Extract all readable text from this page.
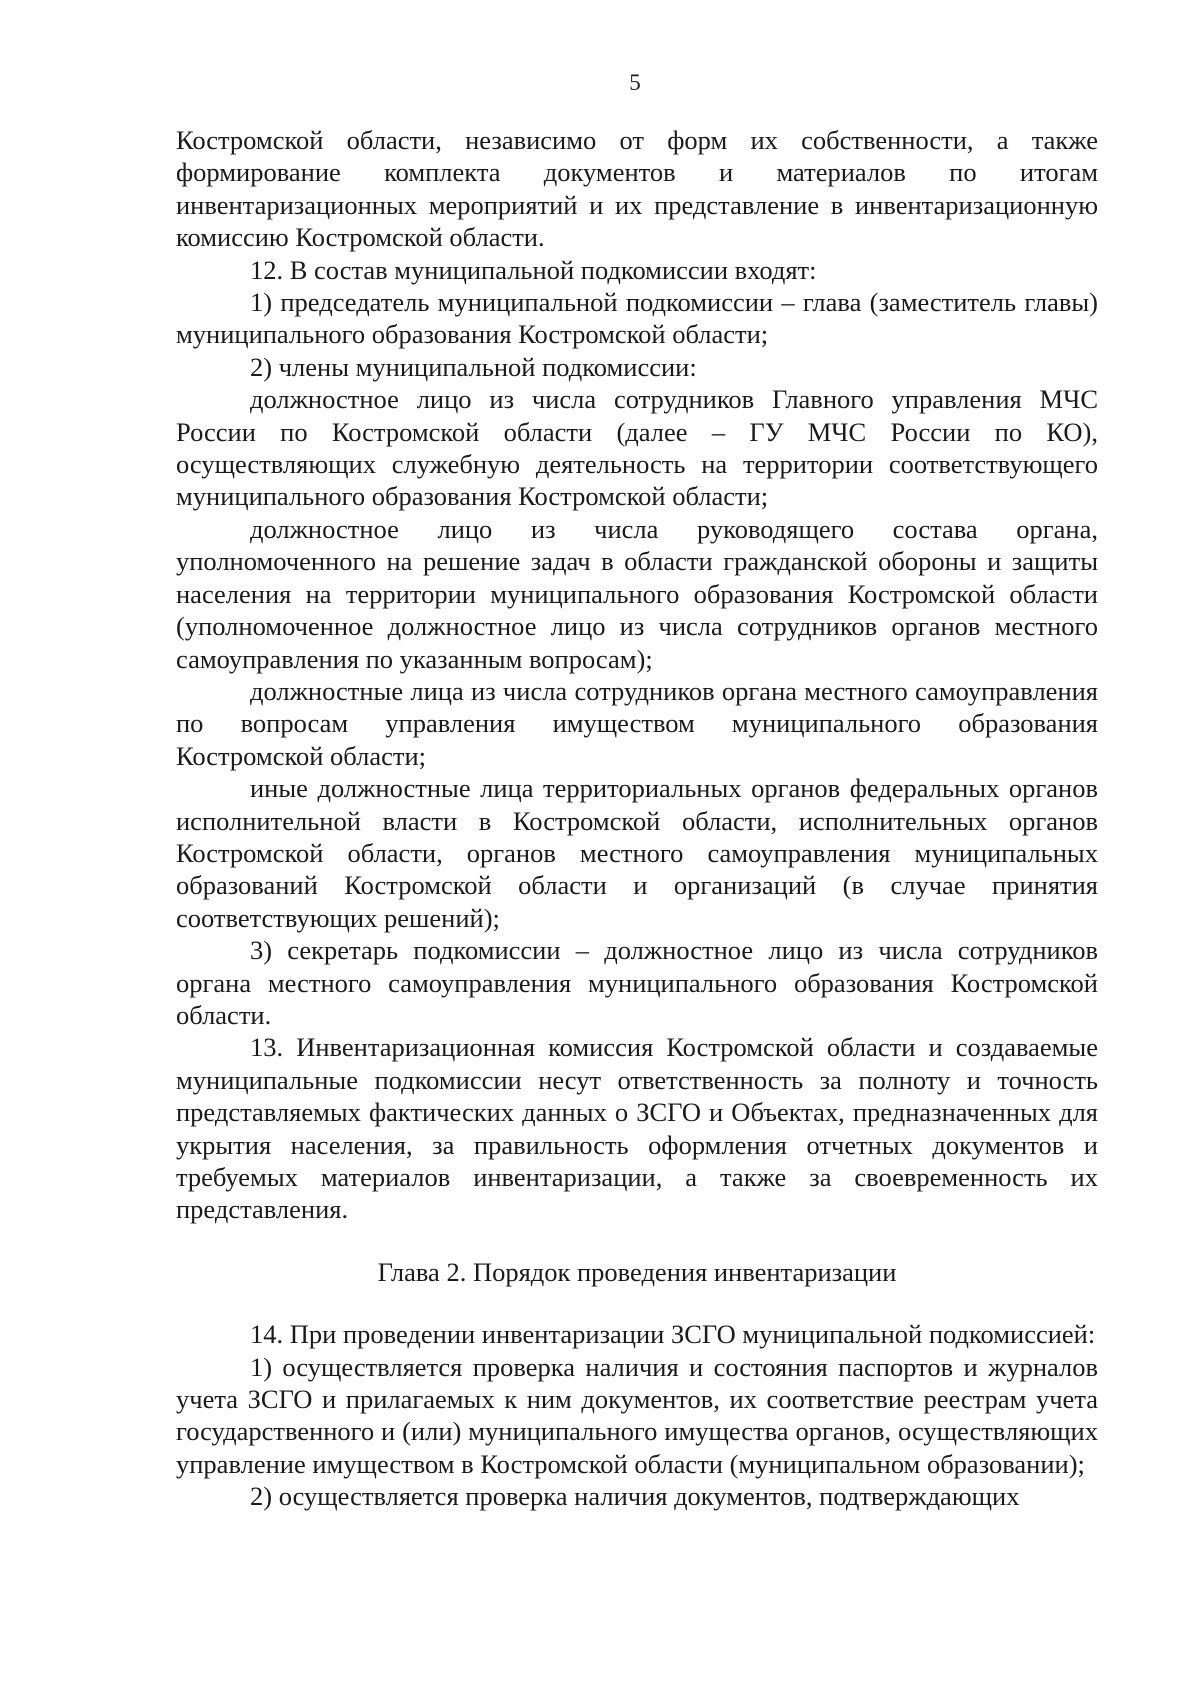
5

Костромской области, независимо от форм их собственности, а также формирование комплекта документов и материалов по итогам инвентаризационных мероприятий и их представление в инвентаризационную комиссию Костромской области.

12. В состав муниципальной подкомиссии входят:

1) председатель муниципальной подкомиссии – глава (заместитель главы) муниципального образования Костромской области;

2) члены муниципальной подкомиссии:

должностное лицо из числа сотрудников Главного управления МЧС России по Костромской области (далее – ГУ МЧС России по КО), осуществляющих служебную деятельность на территории соответствующего муниципального образования Костромской области;

должностное лицо из числа руководящего состава органа, уполномоченного на решение задач в области гражданской обороны и защиты населения на территории муниципального образования Костромской области (уполномоченное должностное лицо из числа сотрудников органов местного самоуправления по указанным вопросам);

должностные лица из числа сотрудников органа местного самоуправления по вопросам управления имуществом муниципального образования Костромской области;

иные должностные лица территориальных органов федеральных органов исполнительной власти в Костромской области, исполнительных органов Костромской области, органов местного самоуправления муниципальных образований Костромской области и организаций (в случае принятия соответствующих решений);

3) секретарь подкомиссии – должностное лицо из числа сотрудников органа местного самоуправления муниципального образования Костромской области.

13. Инвентаризационная комиссия Костромской области и создаваемые муниципальные подкомиссии несут ответственность за полноту и точность представляемых фактических данных о ЗСГО и Объектах, предназначенных для укрытия населения, за правильность оформления отчетных документов и требуемых материалов инвентаризации, а также за своевременность их представления.

Глава 2. Порядок проведения инвентаризации

14. При проведении инвентаризации ЗСГО муниципальной подкомиссией:

1) осуществляется проверка наличия и состояния паспортов и журналов учета ЗСГО и прилагаемых к ним документов, их соответствие реестрам учета государственного и (или) муниципального имущества органов, осуществляющих управление имуществом в Костромской области (муниципальном образовании);

2) осуществляется проверка наличия документов, подтверждающих
